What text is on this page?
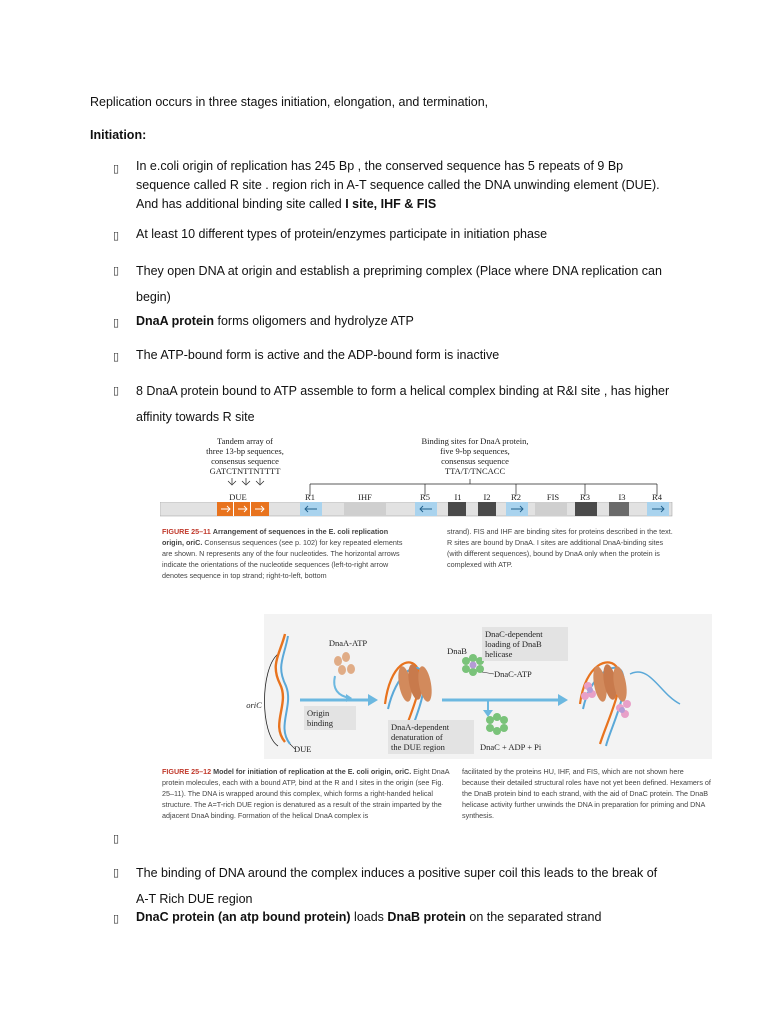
Replication occurs in three stages initiation, elongation, and termination,
Initiation:
▯ In e.coli origin of replication has 245 Bp , the conserved sequence has 5 repeats of 9 Bp
sequence called R site . region rich in A-T sequence called the DNA unwinding element (DUE).
And has additional binding site called I site, IHF & FIS
▯ At least 10 different types of protein/enzymes participate in initiation phase
▯ They open DNA at origin and establish a prepriming complex (Place where DNA replication can
begin)
▯ DnaA protein forms oligomers and hydrolyze ATP
▯ The ATP-bound form is active and the ADP-bound form is inactive
▯ 8 DnaA protein bound to ATP assemble to form a helical complex binding at R&I site , has higher
affinity towards R site
Tandem array of
three 13-bp sequences,
consensus sequence
GATCTNTTNTTTT
Binding sites for DnaA protein,
five 9-bp sequences,
consensus sequence
TTA/T/TNCACC
DUE	R1	IHF	R5	I1	I2	R2	FIS	R3	I3	R4
FIGURE 25–11 Arrangement of sequences in the E. coli replication origin, oriC. Consensus sequences (see p. 102) for key repeated elements are shown. N represents any of the four nucleotides. The horizontal arrows indicate the orientations of the nucleotide sequences (left-to-right arrow denotes sequence in top strand; right-to-left, bottom
strand). FIS and IHF are binding sites for proteins described in the text. R sites are bound by DnaA. I sites are additional DnaA-binding sites (with different sequences), bound by DnaA only when the protein is complexed with ATP.
DnaA-ATP
oriC
Origin
binding
DUE
DnaA-dependent
denaturation of
the DUE region
DnaB
DnaC-dependent
loading of DnaB
helicase
DnaC-ATP
DnaC + ADP + Pi
FIGURE 25–12 Model for initiation of replication at the E. coli origin, oriC. Eight DnaA protein molecules, each with a bound ATP, bind at the R and I sites in the origin (see Fig. 25–11). The DNA is wrapped around this complex, which forms a right-handed helical structure. The A=T-rich DUE region is denatured as a result of the strain imparted by the adjacent DnaA binding. Formation of the helical DnaA complex is
facilitated by the proteins HU, IHF, and FIS, which are not shown here because their detailed structural roles have not yet been defined. Hexamers of the DnaB protein bind to each strand, with the aid of DnaC protein. The DnaB helicase activity further unwinds the DNA in preparation for priming and DNA synthesis.
▯
▯ The binding of DNA around the complex induces a positive super coil this leads to the break of
A-T Rich DUE region
▯ DnaC protein (an atp bound protein) loads DnaB protein on the separated strand
